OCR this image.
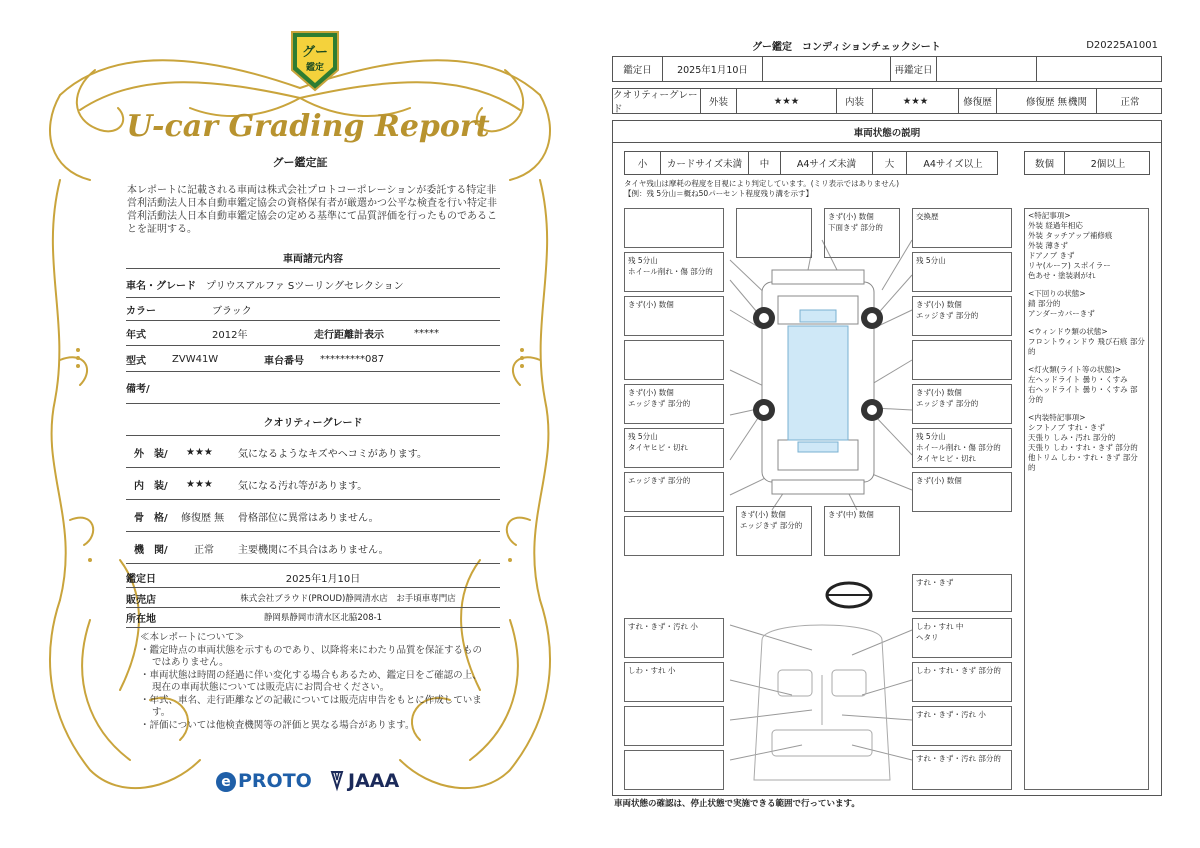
グー
鑑定
U-car Grading Report
グー鑑定証
本レポートに記載される車両は株式会社プロトコーポレーションが委託する特定非営利活動法人日本自動車鑑定協会の資格保有者が厳選かつ公平な検査を行い特定非営利活動法人日本自動車鑑定協会の定める基準にて品質評価を行ったものであることを証明する。
車両諸元内容
車名・グレード	プリウスアルファ Sツーリングセレクション
カラー	ブラック
年式	2012年	走行距離計表示	*****
型式	ZVW41W	車台番号	*********087
備考/
クオリティーグレード
外　装/	★★★	気になるようなキズやヘコミがあります。
内　装/	★★★	気になる汚れ等があります。
骨　格/	修復歴 無	骨格部位に異常はありません。
機　関/	正常	主要機関に不具合はありません。
鑑定日	2025年1月10日
販売店	株式会社ブラウド(PROUD)静岡清水店　お手頃車専門店
所在地	静岡県静岡市清水区北脇208-1
≪本レポートについて≫
・鑑定時点の車両状態を示すものであり、以降将来にわたり品質を保証するものではありません。
・車両状態は時間の経過に伴い変化する場合もあるため、鑑定日をご確認の上、現在の車両状態については販売店にお問合せください。
・年式、車名、走行距離などの記載については販売店申告をもとに作成しています。
・評価については他検査機関等の評価と異なる場合があります。
e PROTO	JAAA
グー鑑定　コンディションチェックシート	D20225A1001
鑑定日	2025年1月10日	再鑑定日
クオリティーグレード
外装	★★★	内装	★★★	修復歴	修復歴 無 機関	正常
車両状態の説明
小	カードサイズ未満	中	A4サイズ未満	大	A4サイズ以上	数個	2個以上
タイヤ残山は摩耗の程度を目視により判定しています。(ミリ表示ではありません)
【例：残 5分山＝概ね50パーセント程度残り溝を示す】
きず(小) 数個
下面きず 部分的
交換歴
残 5分山
ホイール削れ・傷 部分的
残 5分山
きず(小) 数個	きず(小) 数個
エッジきず 部分的
きず(小) 数個
エッジきず 部分的
きず(小) 数個
エッジきず 部分的
残 5分山
タイヤヒビ・切れ
残 5分山
ホイール削れ・傷 部分的
タイヤヒビ・切れ
エッジきず 部分的	きず(小) 数個
きず(小) 数個
エッジきず 部分的
きず(中) 数個
すれ・きず
すれ・きず・汚れ 小	しわ・すれ 中
ヘタリ
しわ・すれ 小	しわ・すれ・きず 部分的
すれ・きず・汚れ 小
すれ・きず・汚れ 部分的
<特記事項>
外装 経過年相応
外装 タッチアップ補修痕
外装 薄きず
ドアノブ きず
リヤ(ルーフ) スポイラー
色あせ・塗装剥がれ
<下回りの状態>
錆 部分的
アンダーカバーきず
<ウィンドウ類の状態>
フロントウィンドウ 飛び石痕 部分的
<灯火類(ライト等の状態)>
左ヘッドライト 曇り・くすみ
右ヘッドライト 曇り・くすみ 部分的
<内装特記事項>
シフトノブ すれ・きず
天張り しみ・汚れ 部分的
天張り しわ・すれ・きず 部分的
他トリム しわ・すれ・きず 部分的
車両状態の確認は、停止状態で実施できる範囲で行っています。
